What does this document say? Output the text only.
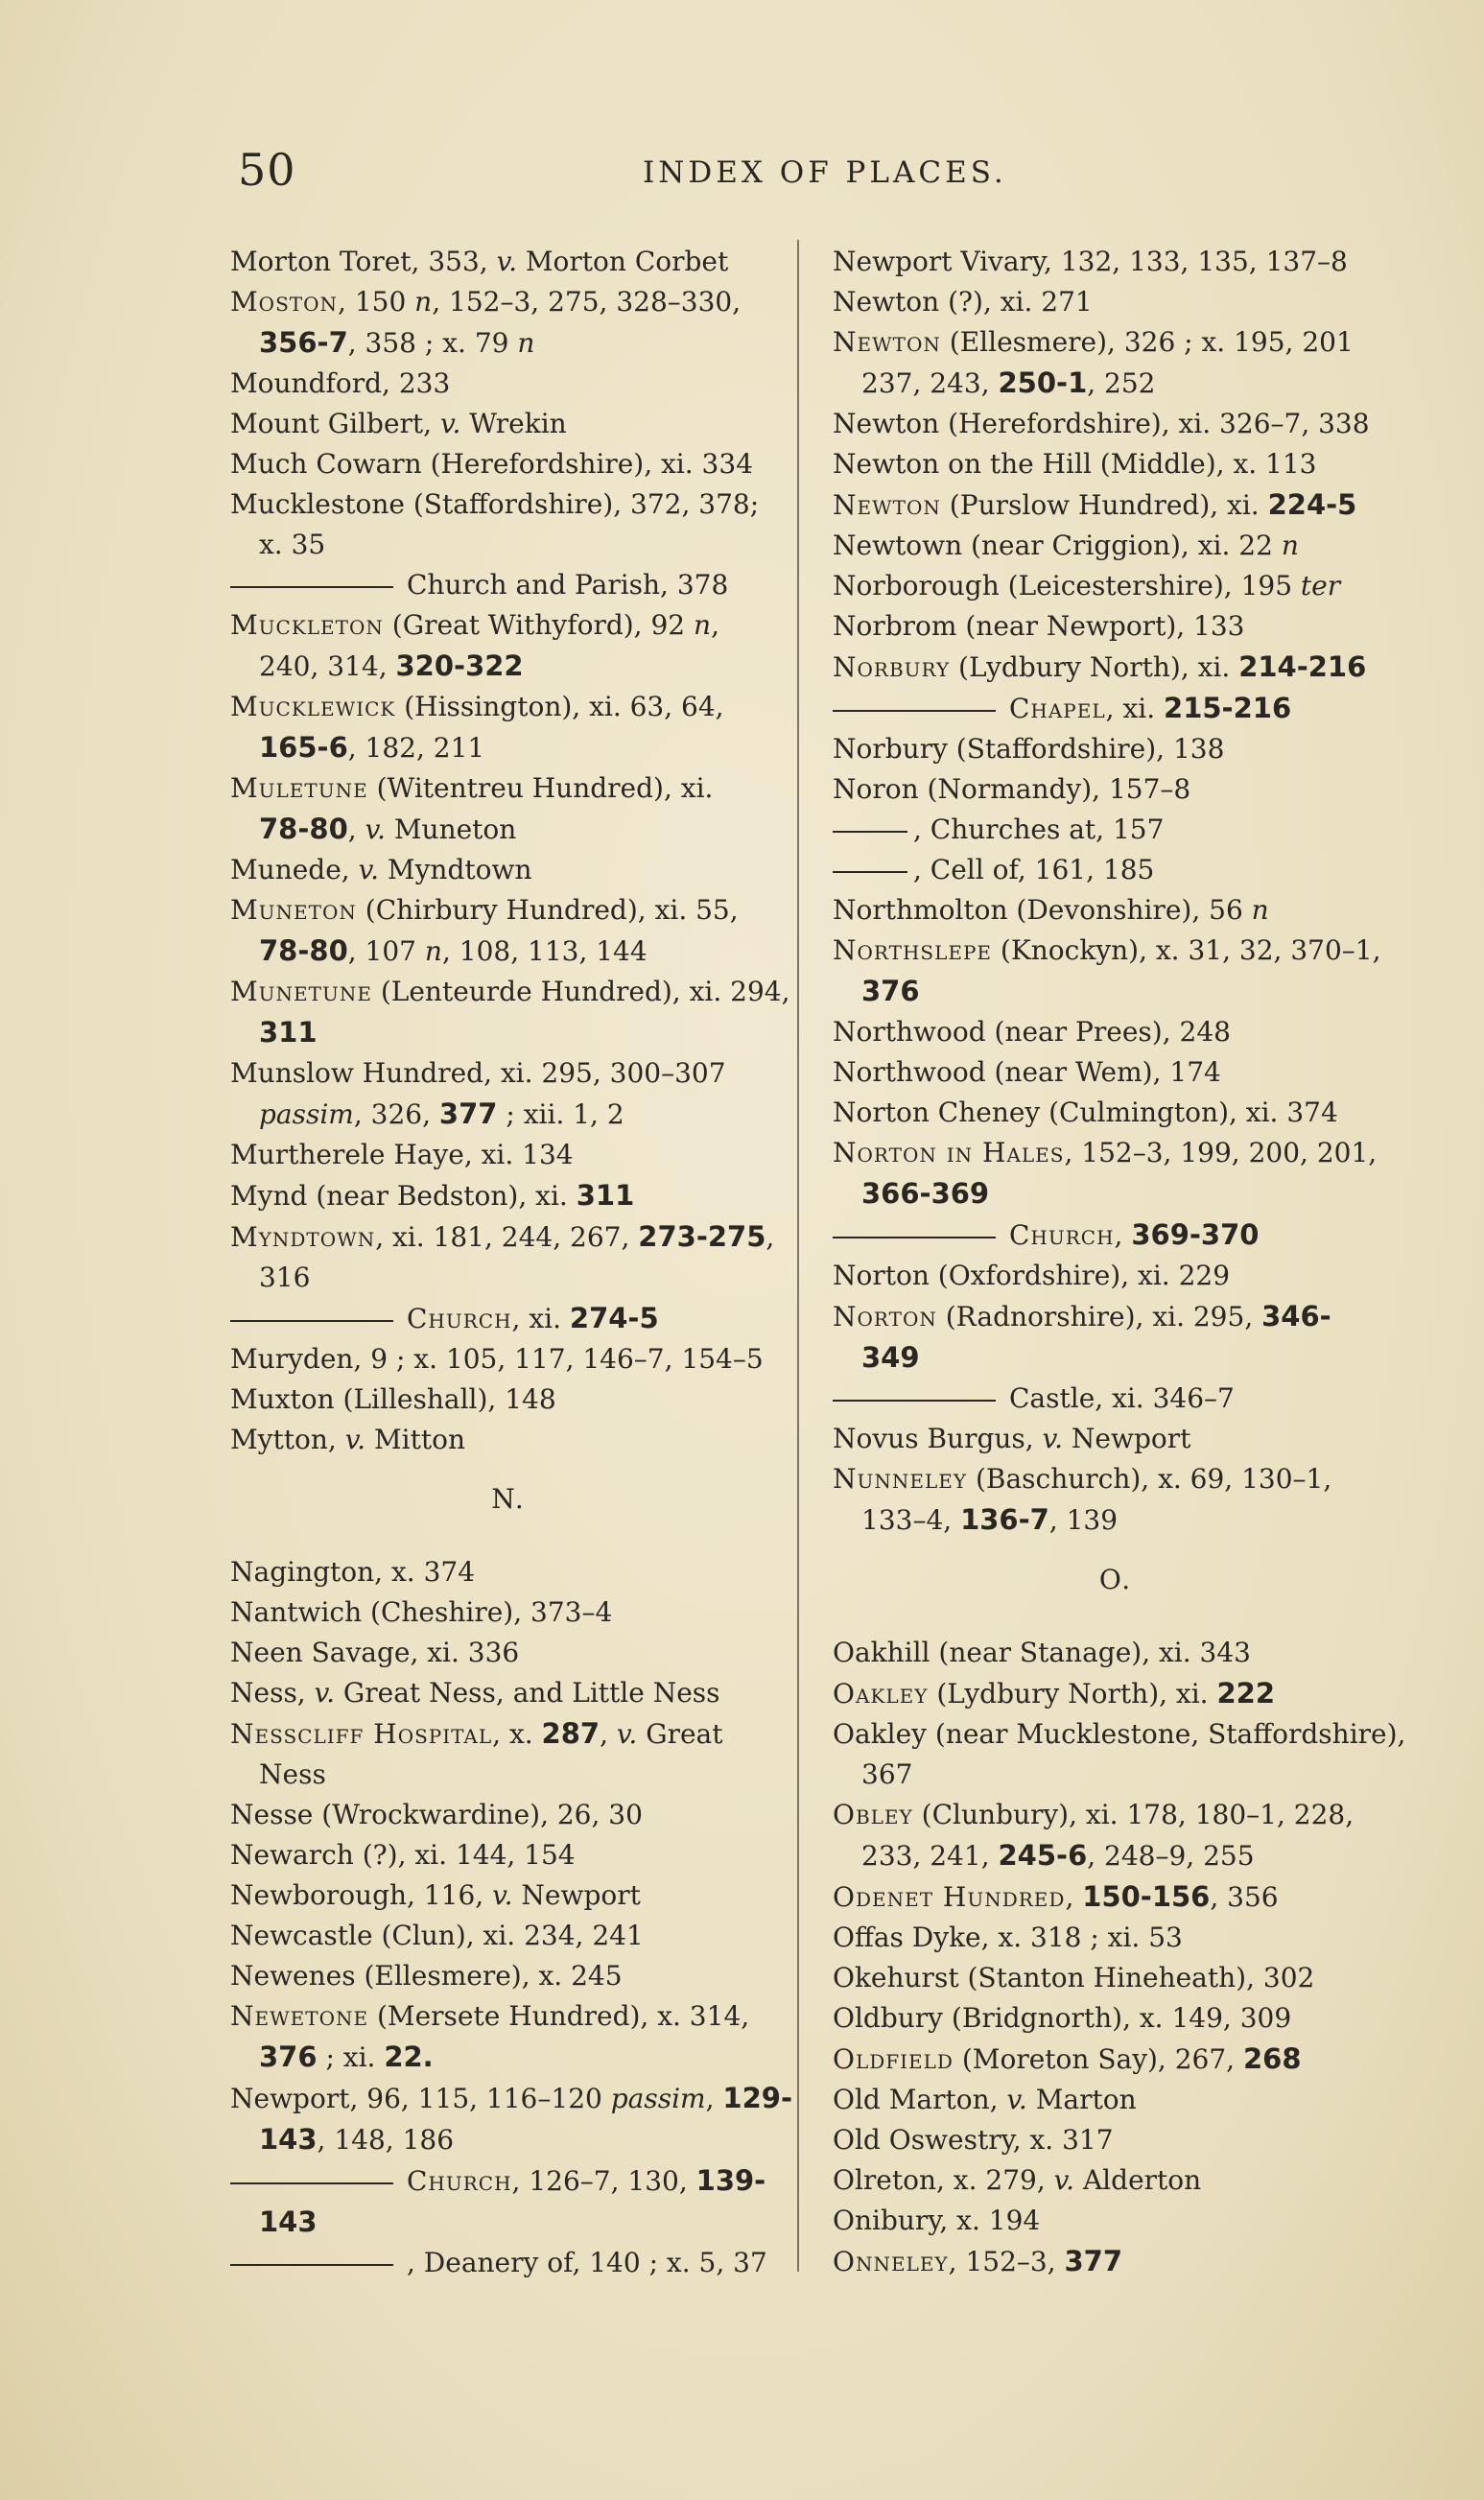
50	INDEX OF PLACES.
Morton Toret, 353, v. Morton Corbet
Moston, 150 n, 152–3, 275, 328–330,
356-7, 358 ; x. 79 n
Moundford, 233
Mount Gilbert, v. Wrekin
Much Cowarn (Herefordshire), xi. 334
Mucklestone (Staffordshire), 372, 378;
x. 35
Church and Parish, 378
Muckleton (Great Withyford), 92 n,
240, 314, 320-322
Mucklewick (Hissington), xi. 63, 64,
165-6, 182, 211
Muletune (Witentreu Hundred), xi.
78-80, v. Muneton
Munede, v. Myndtown
Muneton (Chirbury Hundred), xi. 55,
78-80, 107 n, 108, 113, 144
Munetune (Lenteurde Hundred), xi. 294,
311
Munslow Hundred, xi. 295, 300–307
passim, 326, 377 ; xii. 1, 2
Murtherele Haye, xi. 134
Mynd (near Bedston), xi. 311
Myndtown, xi. 181, 244, 267, 273-275,
316
Church, xi. 274-5
Muryden, 9 ; x. 105, 117, 146–7, 154–5
Muxton (Lilleshall), 148
Mytton, v. Mitton
N.
Nagington, x. 374
Nantwich (Cheshire), 373–4
Neen Savage, xi. 336
Ness, v. Great Ness, and Little Ness
Nesscliff Hospital, x. 287, v. Great
Ness
Nesse (Wrockwardine), 26, 30
Newarch (?), xi. 144, 154
Newborough, 116, v. Newport
Newcastle (Clun), xi. 234, 241
Newenes (Ellesmere), x. 245
Newetone (Mersete Hundred), x. 314,
376 ; xi. 22.
Newport, 96, 115, 116–120 passim, 129-
143, 148, 186
Church, 126–7, 130, 139-
143
, Deanery of, 140 ; x. 5, 37
Newport Vivary, 132, 133, 135, 137–8
Newton (?), xi. 271
Newton (Ellesmere), 326 ; x. 195, 201
237, 243, 250-1, 252
Newton (Herefordshire), xi. 326–7, 338
Newton on the Hill (Middle), x. 113
Newton (Purslow Hundred), xi. 224-5
Newtown (near Criggion), xi. 22 n
Norborough (Leicestershire), 195 ter
Norbrom (near Newport), 133
Norbury (Lydbury North), xi. 214-216
Chapel, xi. 215-216
Norbury (Staffordshire), 138
Noron (Normandy), 157–8
, Churches at, 157
, Cell of, 161, 185
Northmolton (Devonshire), 56 n
Northslepe (Knockyn), x. 31, 32, 370–1,
376
Northwood (near Prees), 248
Northwood (near Wem), 174
Norton Cheney (Culmington), xi. 374
Norton in Hales, 152–3, 199, 200, 201,
366-369
Church, 369-370
Norton (Oxfordshire), xi. 229
Norton (Radnorshire), xi. 295, 346-
349
Castle, xi. 346–7
Novus Burgus, v. Newport
Nunneley (Baschurch), x. 69, 130–1,
133–4, 136-7, 139
O.
Oakhill (near Stanage), xi. 343
Oakley (Lydbury North), xi. 222
Oakley (near Mucklestone, Staffordshire),
367
Obley (Clunbury), xi. 178, 180–1, 228,
233, 241, 245-6, 248–9, 255
Odenet Hundred, 150-156, 356
Offas Dyke, x. 318 ; xi. 53
Okehurst (Stanton Hineheath), 302
Oldbury (Bridgnorth), x. 149, 309
Oldfield (Moreton Say), 267, 268
Old Marton, v. Marton
Old Oswestry, x. 317
Olreton, x. 279, v. Alderton
Onibury, x. 194
Onneley, 152–3, 377
